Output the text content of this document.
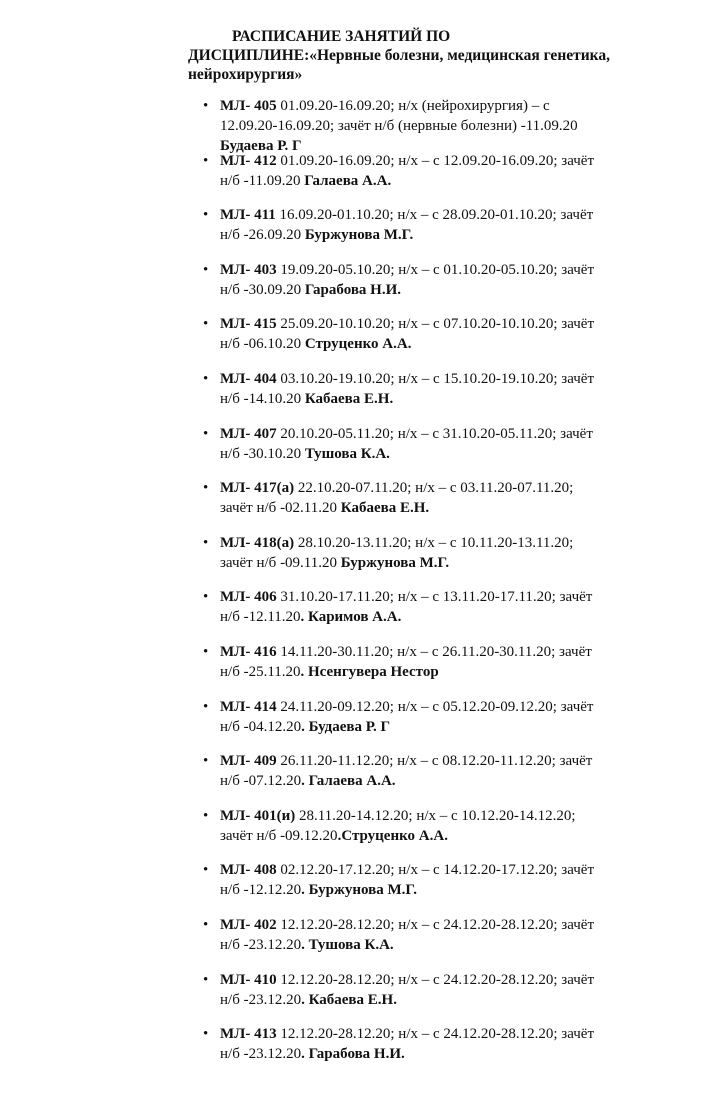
РАСПИСАНИЕ ЗАНЯТИЙ ПО
ДИСЦИПЛИНЕ:«Нервные болезни, медицинская генетика,
нейрохирургия»
• МЛ- 405 01.09.20-16.09.20; н/х (нейрохирургия) – с 12.09.20-16.09.20; зачёт н/б (нервные болезни) -11.09.20 Будаева Р. Г
• МЛ- 412 01.09.20-16.09.20; н/х – с 12.09.20-16.09.20; зачёт н/б -11.09.20 Галаева А.А.
• МЛ- 411 16.09.20-01.10.20; н/х – с 28.09.20-01.10.20; зачёт н/б -26.09.20 Буржунова М.Г.
• МЛ- 403 19.09.20-05.10.20; н/х – с 01.10.20-05.10.20; зачёт н/б -30.09.20 Гарабова Н.И.
• МЛ- 415 25.09.20-10.10.20; н/х – с 07.10.20-10.10.20; зачёт н/б -06.10.20 Струценко А.А.
• МЛ- 404 03.10.20-19.10.20; н/х – с 15.10.20-19.10.20; зачёт н/б -14.10.20 Кабаева Е.Н.
• МЛ- 407 20.10.20-05.11.20; н/х – с 31.10.20-05.11.20; зачёт н/б -30.10.20 Тушова К.А.
• МЛ- 417(а) 22.10.20-07.11.20; н/х – с 03.11.20-07.11.20; зачёт н/б -02.11.20 Кабаева Е.Н.
• МЛ- 418(а) 28.10.20-13.11.20; н/х – с 10.11.20-13.11.20; зачёт н/б -09.11.20 Буржунова М.Г.
• МЛ- 406 31.10.20-17.11.20; н/х – с 13.11.20-17.11.20; зачёт н/б -12.11.20. Каримов А.А.
• МЛ- 416 14.11.20-30.11.20; н/х – с 26.11.20-30.11.20; зачёт н/б -25.11.20. Нсенгувера Нестор
• МЛ- 414 24.11.20-09.12.20; н/х – с 05.12.20-09.12.20; зачёт н/б -04.12.20. Будаева Р. Г
• МЛ- 409 26.11.20-11.12.20; н/х – с 08.12.20-11.12.20; зачёт н/б -07.12.20. Галаева А.А.
• МЛ- 401(и) 28.11.20-14.12.20; н/х – с 10.12.20-14.12.20; зачёт н/б -09.12.20.Струценко А.А.
• МЛ- 408 02.12.20-17.12.20; н/х – с 14.12.20-17.12.20; зачёт н/б -12.12.20. Буржунова М.Г.
• МЛ- 402 12.12.20-28.12.20; н/х – с 24.12.20-28.12.20; зачёт н/б -23.12.20. Тушова К.А.
• МЛ- 410 12.12.20-28.12.20; н/х – с 24.12.20-28.12.20; зачёт н/б -23.12.20. Кабаева Е.Н.
• МЛ- 413 12.12.20-28.12.20; н/х – с 24.12.20-28.12.20; зачёт н/б -23.12.20. Гарабова Н.И.
